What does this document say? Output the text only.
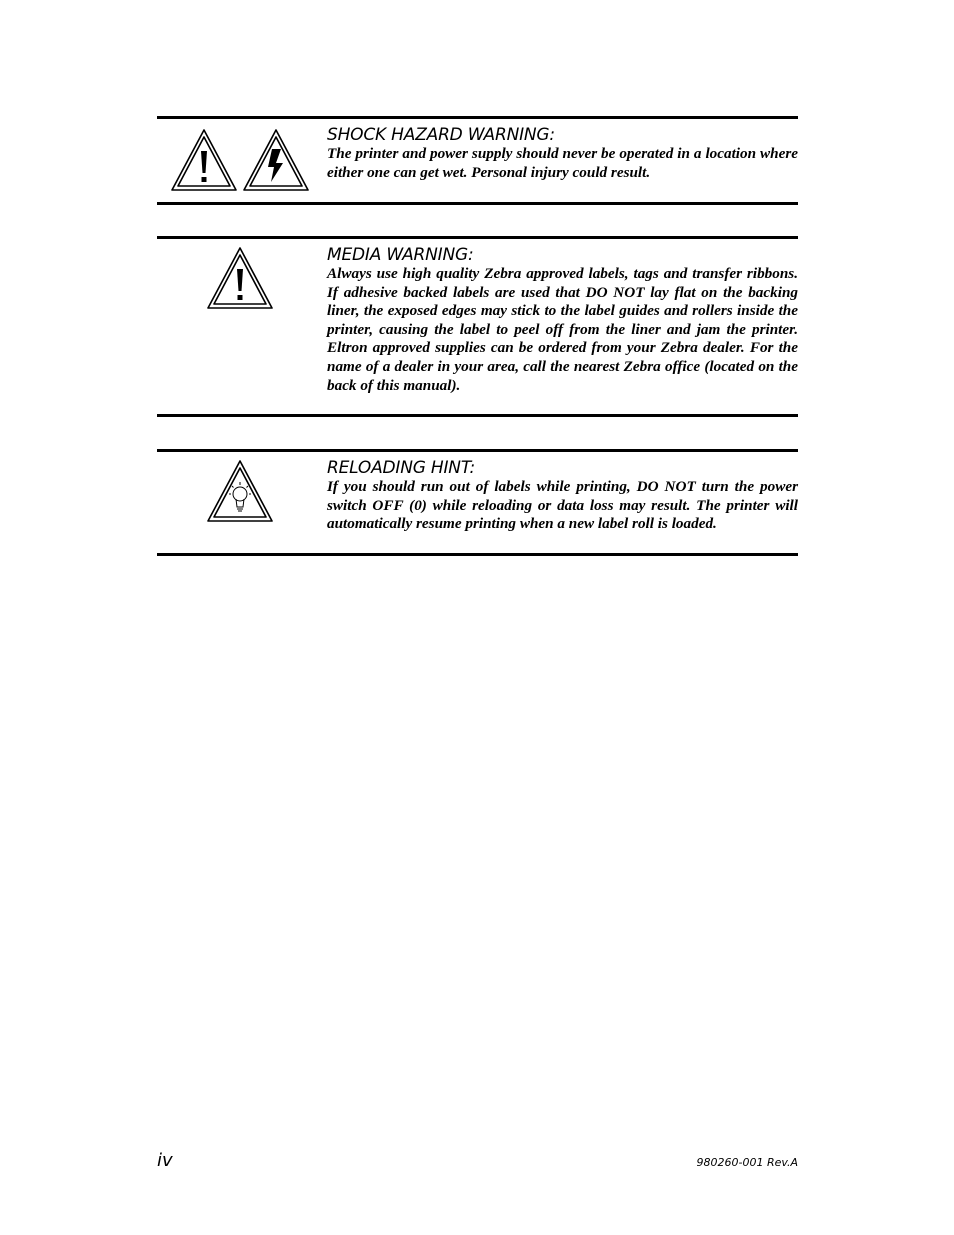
SHOCK HAZARD WARNING:

The printer and power supply should never be operated in a location where either one can get wet. Personal injury could result.

MEDIA WARNING:

Always use high quality Zebra approved labels, tags and transfer ribbons. If adhesive backed labels are used that DO NOT lay flat on the backing liner, the exposed edges may stick to the label guides and rollers inside the printer, causing the label to peel off from the liner and jam the printer. Eltron approved supplies can be ordered from your Zebra dealer. For the name of a dealer in your area, call the nearest Zebra office (located on the back of this manual).

RELOADING HINT:

If you should run out of labels while printing, DO NOT turn the power switch OFF (0) while reloading or data loss may result. The printer will automatically resume printing when a new label roll is loaded.

iv	980260-001 Rev.A
